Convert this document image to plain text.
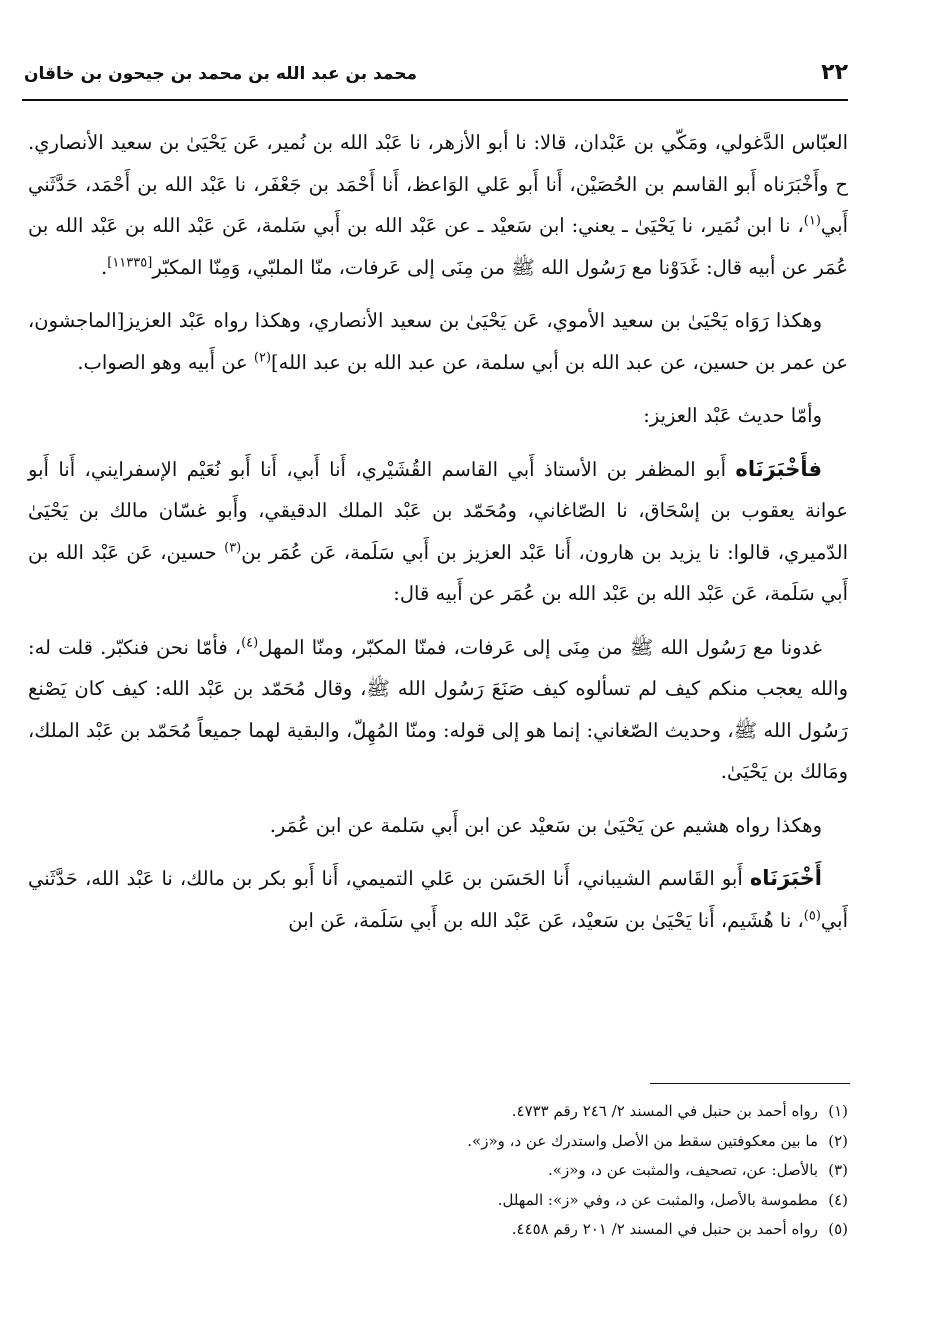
٢٢
محمد بن عبد الله بن محمد بن جيحون بن خاقان

العبّاس الدَّغولي، ومَكّي بن عَبْدان، قالا: نا أبو الأزهر، نا عَبْد الله بن نُمير، عَن يَحْيَىٰ بن سعيد الأنصاري. ح وأَخْبَرَناه أَبو القاسم بن الحُصَيْن، أَنا أَبو عَلي الوَاعظ، أَنا أَحْمَد بن جَعْفَر، نا عَبْد الله بن أَحْمَد، حَدَّثَني أَبي$^{(١)}$، نا ابن نُمَير، نا يَحْيَىٰ ـ يعني: ابن سَعيْد ـ عن عَبْد الله بن أَبي سَلمة، عَن عَبْد الله بن عَبْد الله بن عُمَر عن أبيه قال: غَدَوْنا مع رَسُول الله ﷺ من مِنَى إلى عَرفات، منّا الملبّي، وَمِنّا المكبّر[١١٣٣٥].

وهكذا رَوَاه يَحْيَىٰ بن سعيد الأموي، عَن يَحْيَىٰ بن سعيد الأنصاري، وهكذا رواه عَبْد العزيز[الماجشون، عن عمر بن حسين، عن عبد الله بن أبي سلمة، عن عبد الله بن عبد الله]$^{(٢)}$ عن أَبيه وهو الصواب.

وأمّا حديث عَبْد العزيز:

فأَخْبَرَنَاه أَبو المظفر بن الأستاذ أَبي القاسم القُشَيْري، أَنا أَبي، أَنا أَبو نُعَيْم الإسفرايني، أَنا أَبو عوانة يعقوب بن إسْحَاق، نا الصّاغاني، ومُحَمّد بن عَبْد الملك الدقيقي، وأَبو غسّان مالك بن يَحْيَىٰ الدّميري، قالوا: نا يزيد بن هارون، أَنا عَبْد العزيز بن أَبي سَلَمة، عَن عُمَر بن$^{(٣)}$ حسين، عَن عَبْد الله بن أَبي سَلَمة، عَن عَبْد الله بن عَبْد الله بن عُمَر عن أَبيه قال:

غدونا مع رَسُول الله ﷺ من مِنَى إلى عَرفات، فمنّا المكبّر، ومنّا المهل$^{(٤)}$، فأمّا نحن فنكبّر. قلت له: والله يعجب منكم كيف لم تسألوه كيف صَنَعَ رَسُول الله ﷺ، وقال مُحَمّد بن عَبْد الله: كيف كان يَصْنع رَسُول الله ﷺ، وحديث الصّغاني: إنما هو إلى قوله: ومنّا المُهِلّ، والبقية لهما جميعاً مُحَمّد بن عَبْد الملك، ومَالك بن يَحْيَىٰ.

وهكذا رواه هشيم عن يَحْيَىٰ بن سَعيْد عن ابن أَبي سَلمة عن ابن عُمَر.

أَخْبَرَنَاه أَبو القَاسم الشيباني، أَنا الحَسَن بن عَلي التميمي، أَنا أَبو بكر بن مالك، نا عَبْد الله، حَدَّثَني أَبي$^{(٥)}$، نا هُشَيم، أَنا يَحْيَىٰ بن سَعيْد، عَن عَبْد الله بن أَبي سَلَمة، عَن ابن

(١)رواه أحمد بن حنبل في المسند ٢/ ٢٤٦ رقم ٤٧٣٣.
(٢)ما بين معكوفتين سقط من الأصل واستدرك عن د، و«ز».
(٣)بالأصل: عن، تصحيف، والمثبت عن د، و«ز».
(٤)مطموسة بالأصل، والمثبت عن د، وفي «ز»: المهلل.
(٥)رواه أحمد بن حنبل في المسند ٢/ ٢٠١ رقم ٤٤٥٨.
